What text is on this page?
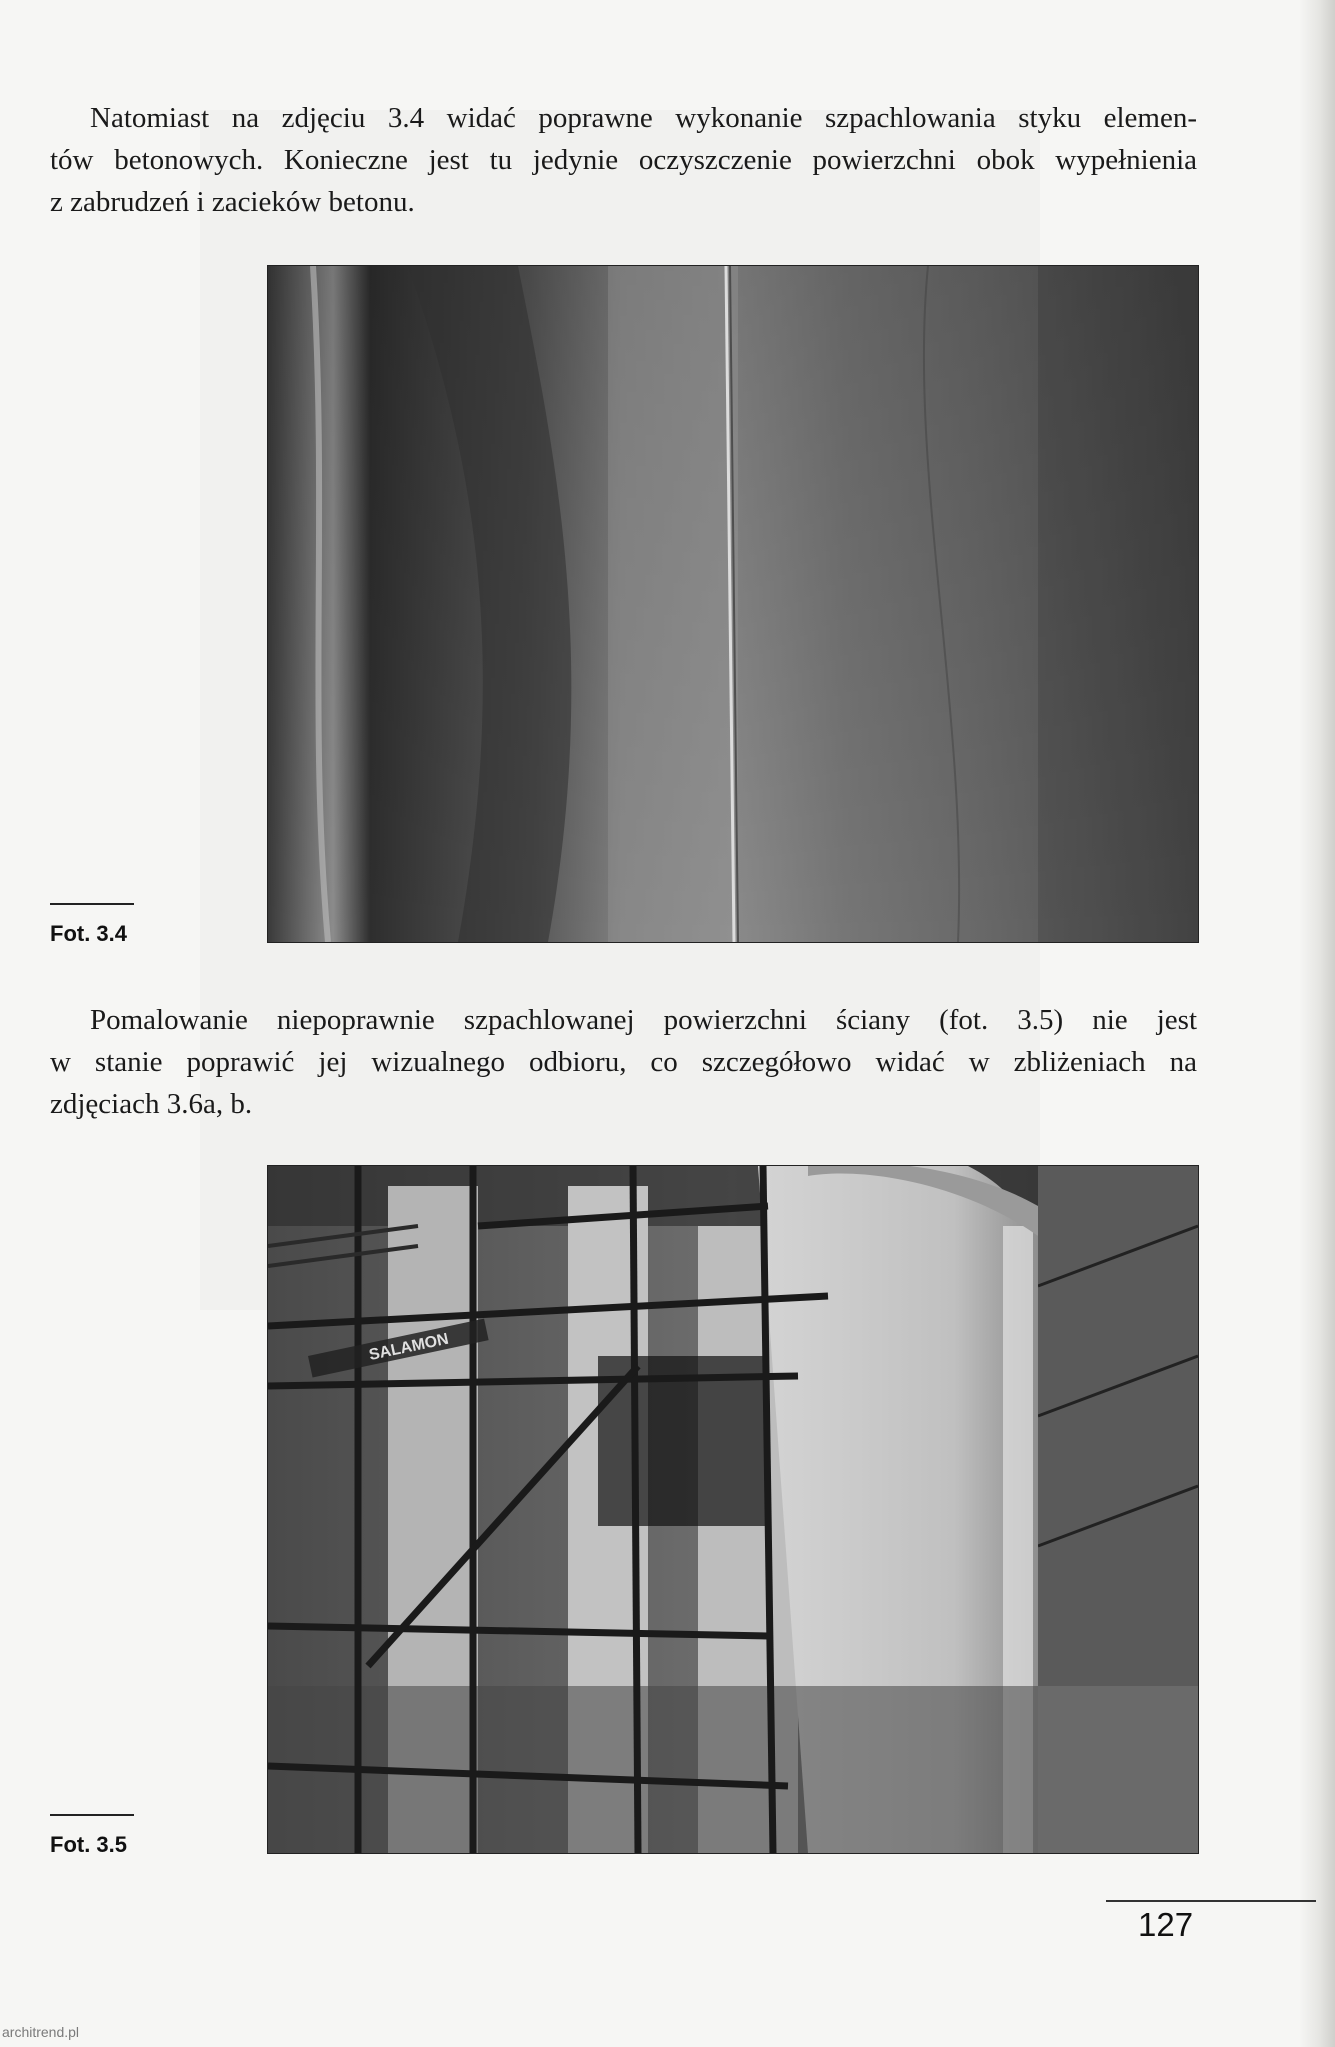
Natomiast na zdjęciu 3.4 widać poprawne wykonanie szpachlowania styku elemen-
tów betonowych. Konieczne jest tu jedynie oczyszczenie powierzchni obok wypełnienia
z zabrudzeń i zacieków betonu.

Fot. 3.4

Pomalowanie niepoprawnie szpachlowanej powierzchni ściany (fot. 3.5) nie jest
w stanie poprawić jej wizualnego odbioru, co szczegółowo widać w zbliżeniach na
zdjęciach 3.6a, b.

SALAMON
Fot. 3.5
127
architrend.pl
